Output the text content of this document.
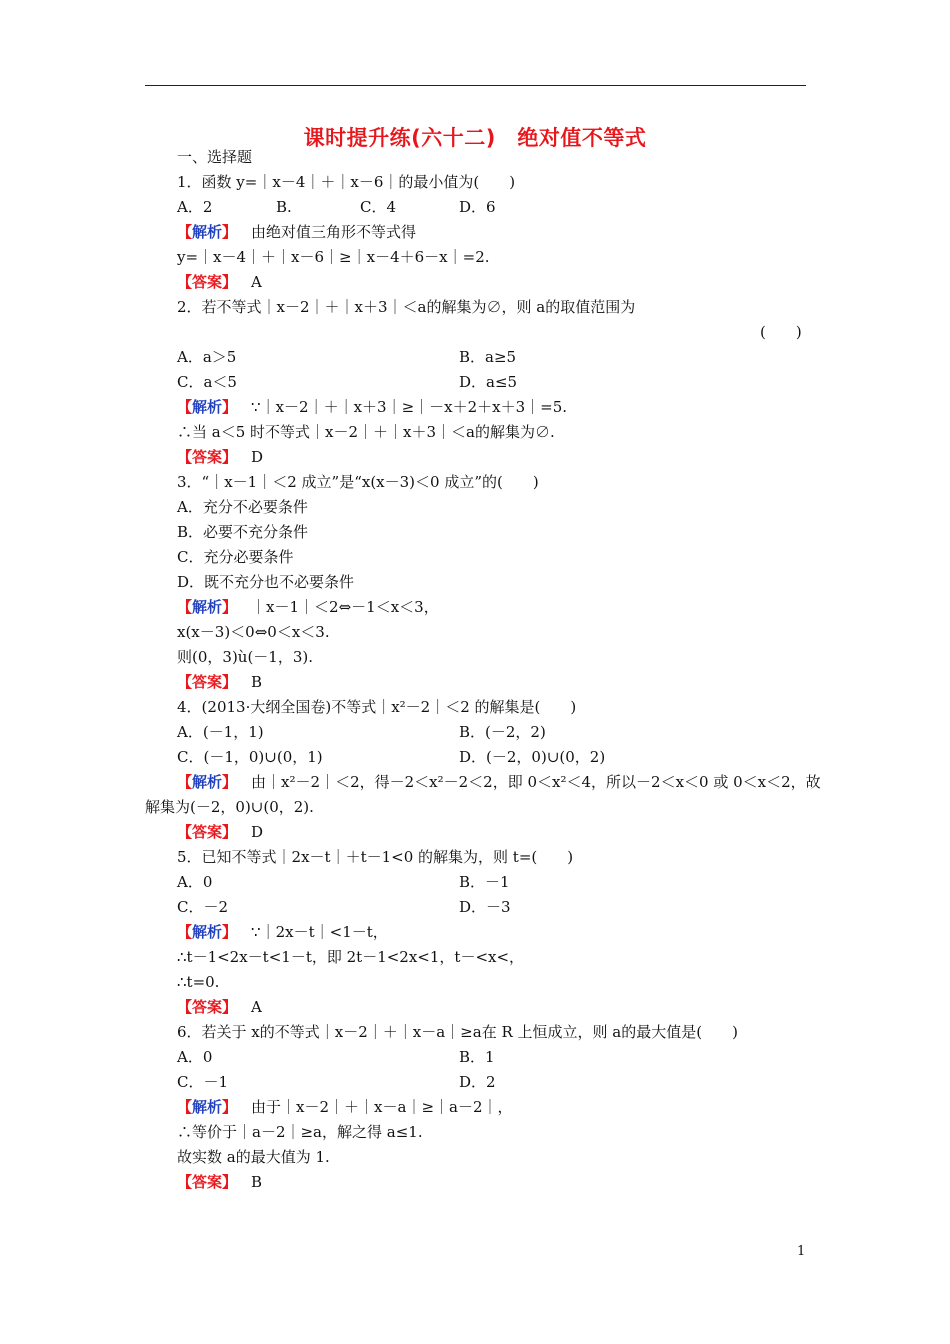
课时提升练(六十二)　绝对值不等式
一、选择题
1．函数 y=｜x－4｜＋｜x－6｜的最小值为(　　)
A．2	B.	C．4	D．6
【解析】 由绝对值三角形不等式得
y=｜x－4｜＋｜x－6｜≥｜x－4＋6－x｜=2.
【答案】 A
2．若不等式｜x－2｜＋｜x＋3｜＜a的解集为∅，则 a的取值范围为
(　　)
A．a＞5	B．a≥5
C．a＜5	D．a≤5
【解析】 ∵｜x－2｜＋｜x＋3｜≥｜－x＋2＋x＋3｜=5.
∴当 a＜5 时不等式｜x－2｜＋｜x＋3｜＜a的解集为∅.
【答案】 D
3．“｜x－1｜＜2 成立”是“x(x－3)＜0 成立”的(　　)
A．充分不必要条件
B．必要不充分条件
C．充分必要条件
D．既不充分也不必要条件
【解析】 ｜x－1｜＜2⇔－1＜x＜3，
x(x－3)＜0⇔0＜x＜3.
则(0，3)ù(－1，3).
【答案】 B
4．(2013·大纲全国卷)不等式｜x²－2｜＜2 的解集是(　　)
A．(－1，1)	B．(－2，2)
C．(－1，0)∪(0，1)	D．(－2，0)∪(0，2)
【解析】 由｜x²－2｜＜2，得－2＜x²－2＜2，即 0＜x²＜4，所以－2＜x＜0 或 0＜x＜2，故
解集为(－2，0)∪(0，2).
【答案】 D
5．已知不等式｜2x－t｜＋t－1<0 的解集为，则 t=(　　)
A．0	B．－1
C．－2	D．－3
【解析】 ∵｜2x－t｜<1－t，
∴t－1<2x－t<1－t，即 2t－1<2x<1，t－<x<，
∴t=0.
【答案】 A
6．若关于 x的不等式｜x－2｜＋｜x－a｜≥a在 R 上恒成立，则 a的最大值是(　　)
A．0	B．1
C．－1	D．2
【解析】 由于｜x－2｜＋｜x－a｜≥｜a－2｜，
∴等价于｜a－2｜≥a，解之得 a≤1.
故实数 a的最大值为 1.
【答案】 B
1
